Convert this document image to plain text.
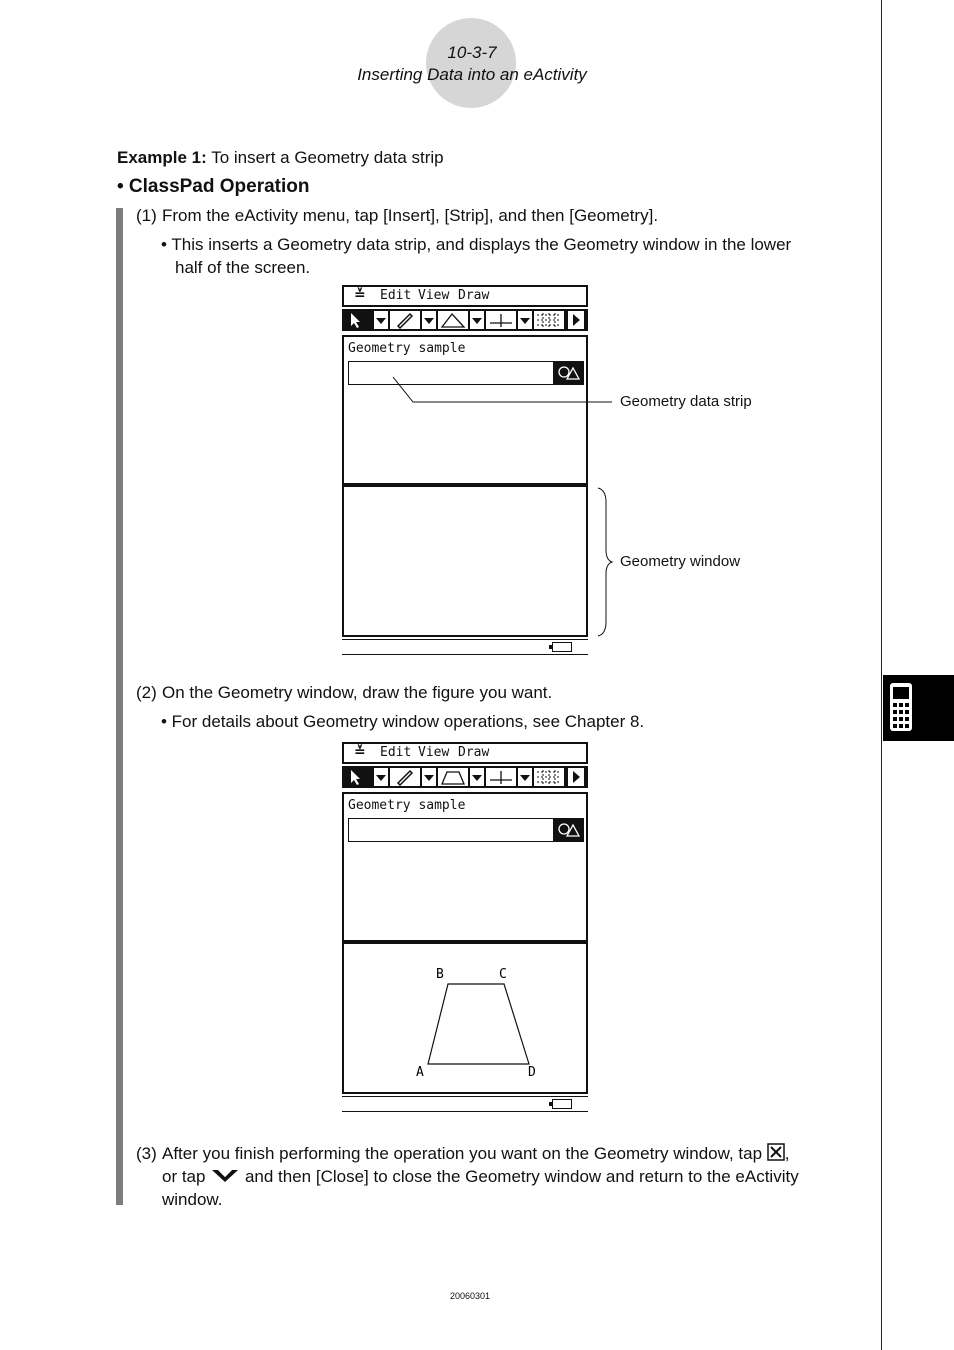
10-3-7
Inserting Data into an eActivity
Example 1: To insert a Geometry data strip
• ClassPad Operation
(1) From the eActivity menu, tap [Insert], [Strip], and then [Geometry].
• This inserts a Geometry data strip, and displays the Geometry window in the lower
half of the screen.
≚ Edit View Draw
Geometry sample
Geometry data strip
Geometry window
(2) On the Geometry window, draw the figure you want.
• For details about Geometry window operations, see Chapter 8.
≚ Edit View Draw
Geometry sample
A
B	C
D
(3) After you finish performing the operation you want on the Geometry window, tap ,
or tap and then [Close] to close the Geometry window and return to the eActivity
window.
20060301
